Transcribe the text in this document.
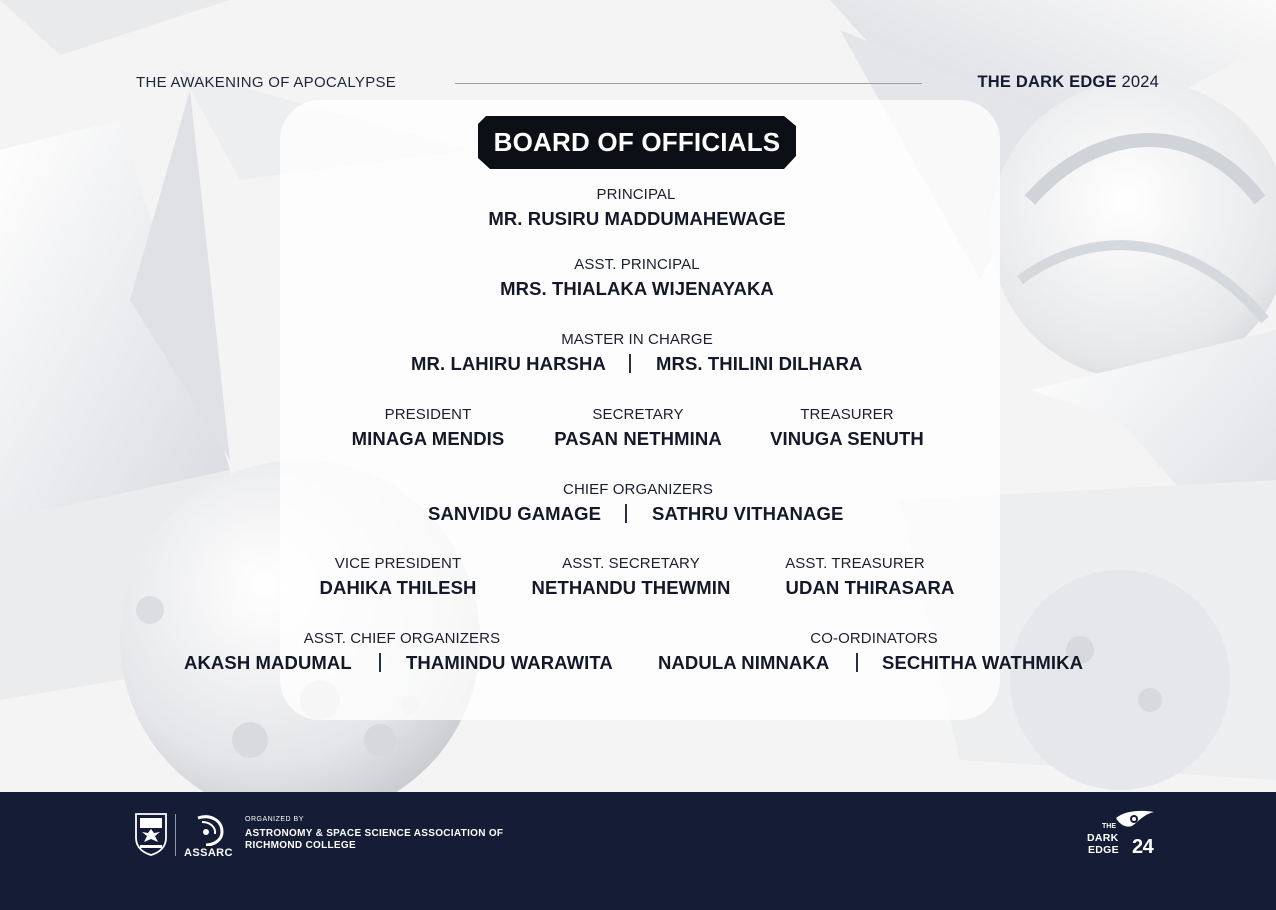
THE AWAKENING OF APOCALYPSE	THE DARK EDGE 2024
BOARD OF OFFICIALS
PRINCIPAL
MR. RUSIRU MADDUMAHEWAGE
ASST. PRINCIPAL
MRS. THIALAKA WIJENAYAKA
MASTER IN CHARGE
MR. LAHIRU HARSHA	MRS. THILINI DILHARA
PRESIDENT
MINAGA MENDIS
SECRETARY
PASAN NETHMINA
TREASURER
VINUGA SENUTH
CHIEF ORGANIZERS
SANVIDU GAMAGE	SATHRU VITHANAGE
VICE PRESIDENT
DAHIKA THILESH
ASST. SECRETARY
NETHANDU THEWMIN
ASST. TREASURER
UDAN THIRASARA
ASST. CHIEF ORGANIZERS
AKASH MADUMAL	THAMINDU WARAWITA
CO-ORDINATORS
NADULA NIMNAKA	SECHITHA WATHMIKA
ASSARC
ORGANIZED BY
ASTRONOMY & SPACE SCIENCE ASSOCIATION OF
RICHMOND COLLEGE
THE
DARK
EDGE 24
